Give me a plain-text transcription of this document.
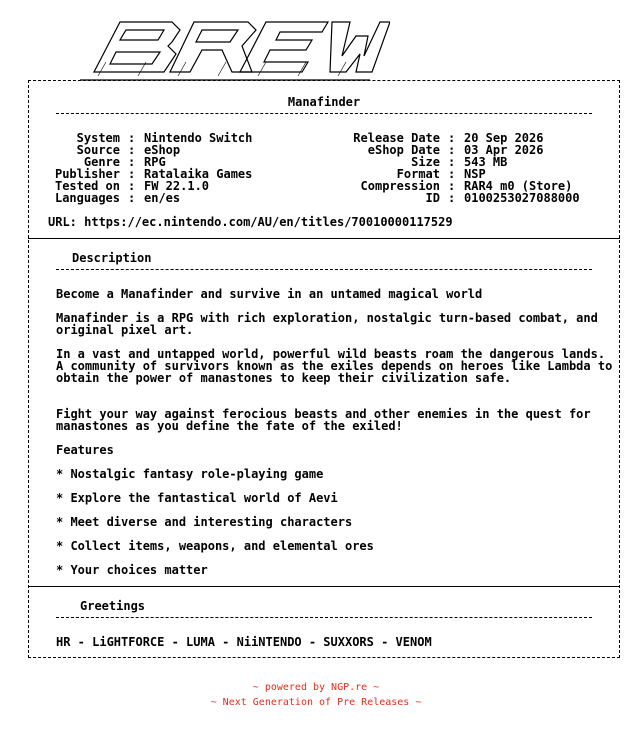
BREWS
Manafinder
System : Nintendo Switch
Source : eShop
Genre : RPG
Publisher : Ratalaika Games
Tested on : FW 22.1.0
Languages : en/es
Release Date : 20 Sep 2026
eShop Date : 03 Apr 2026
Size : 543 MB
Format : NSP
Compression : RAR4 m0 (Store)
ID : 0100253027088000
URL: https://ec.nintendo.com/AU/en/titles/70010000117529
Description
Become a Manafinder and survive in an untamed magical world
Manafinder is a RPG with rich exploration, nostalgic turn-based combat, and original pixel art.
In a vast and untapped world, powerful wild beasts roam the dangerous lands. A community of survivors known as the exiles depends on heroes like Lambda to obtain the power of manastones to keep their civilization safe.
Fight your way against ferocious beasts and other enemies in the quest for manastones as you define the fate of the exiled!
Features
* Nostalgic fantasy role-playing game
* Explore the fantastical world of Aevi
* Meet diverse and interesting characters
* Collect items, weapons, and elemental ores
* Your choices matter
Greetings
HR - LiGHTFORCE - LUMA - NiiNTENDO - SUXXORS - VENOM
~ powered by NGP.re ~
~ Next Generation of Pre Releases ~
